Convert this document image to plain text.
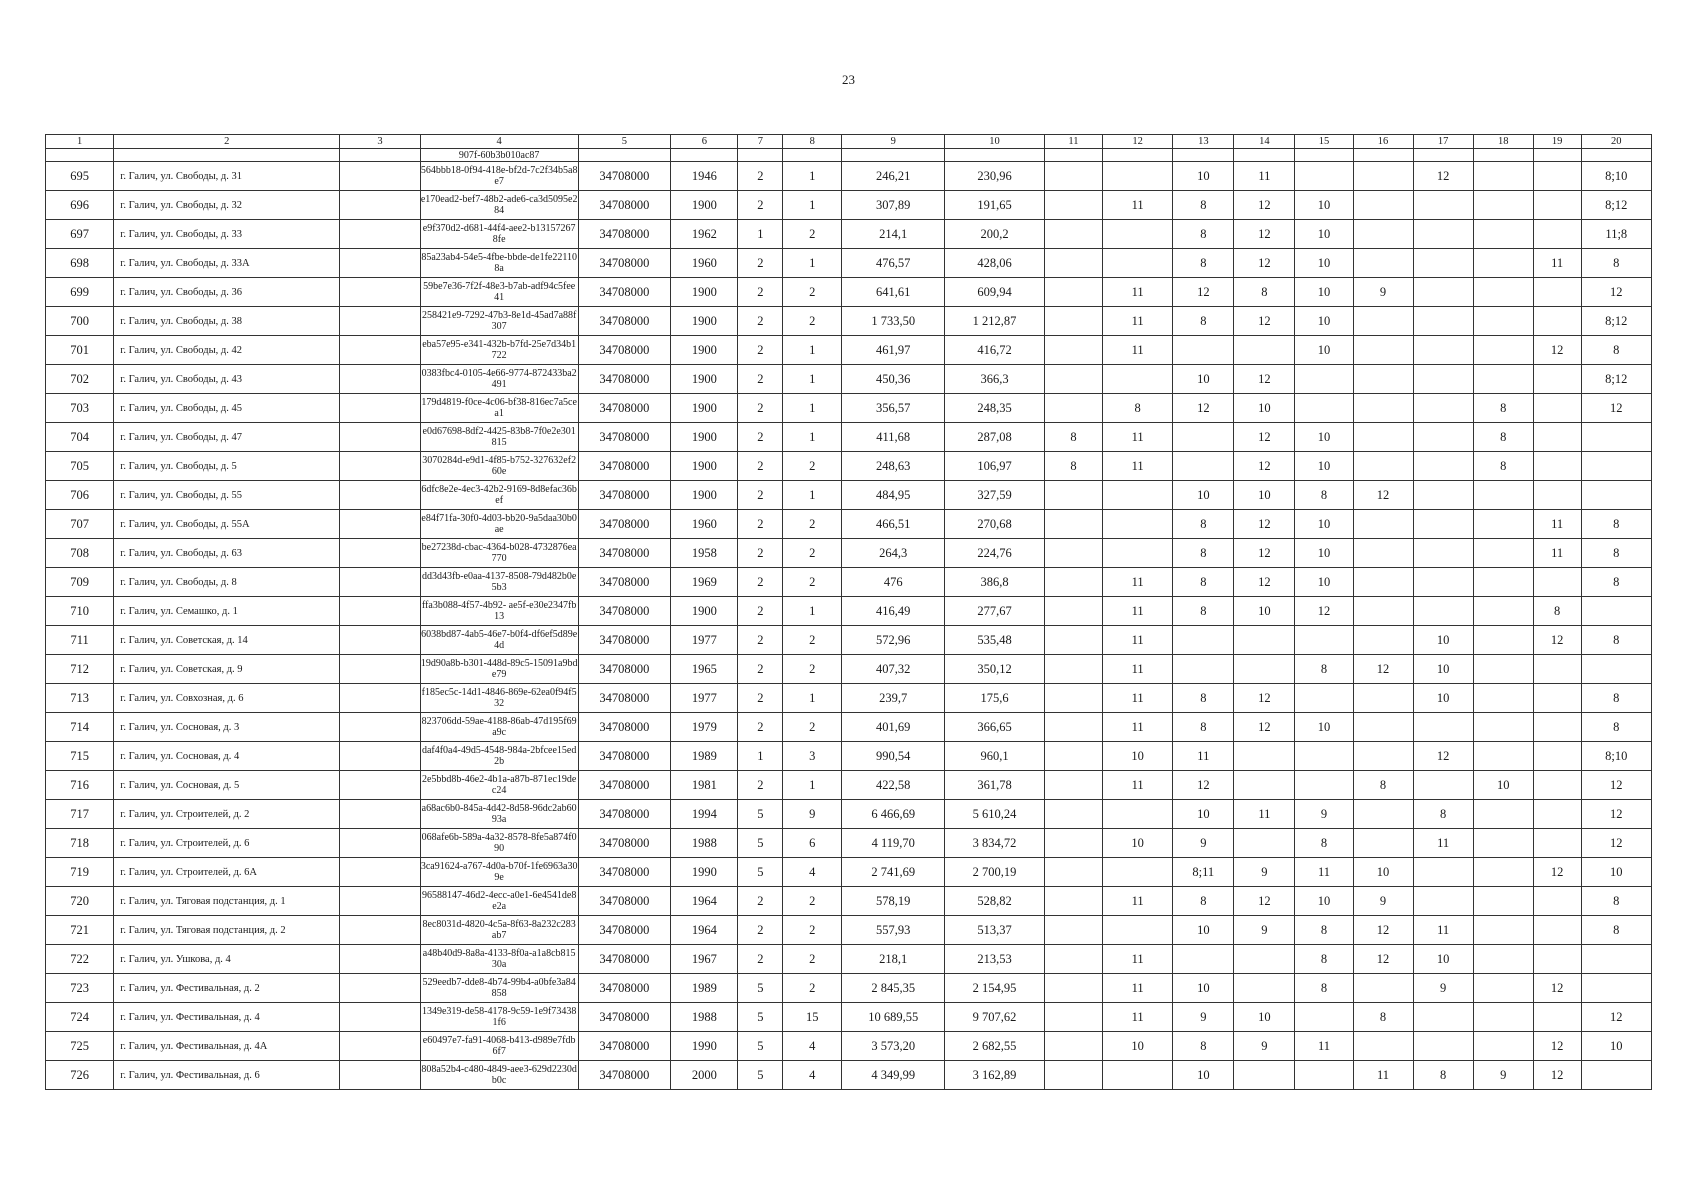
23
1	2	3	4	5	6	7	8	9	10	11	12	13	14	15	16	17	18	19	20
			907f-60b3b010ac87																
695	г. Галич, ул. Свободы, д. 31		564bbb18-0f94-418e-bf2d-7c2f34b5a8e7	34708000	1946	2	1	246,21	230,96			10	11			12			8;10
696	г. Галич, ул. Свободы, д. 32		e170ead2-bef7-48b2-ade6-ca3d5095e284	34708000	1900	2	1	307,89	191,65		11	8	12	10					8;12
697	г. Галич, ул. Свободы, д. 33		e9f370d2-d681-44f4-aee2-b131572678fe	34708000	1962	1	2	214,1	200,2			8	12	10					11;8
698	г. Галич, ул. Свободы, д. 33А		85a23ab4-54e5-4fbe-bbde-de1fe221108a	34708000	1960	2	1	476,57	428,06			8	12	10				11	8
699	г. Галич, ул. Свободы, д. 36		59be7e36-7f2f-48e3-b7ab-adf94c5fee41	34708000	1900	2	2	641,61	609,94		11	12	8	10	9				12
700	г. Галич, ул. Свободы, д. 38		258421e9-7292-47b3-8e1d-45ad7a88f307	34708000	1900	2	2	1 733,50	1 212,87		11	8	12	10					8;12
701	г. Галич, ул. Свободы, д. 42		eba57e95-e341-432b-b7fd-25e7d34b1722	34708000	1900	2	1	461,97	416,72		11			10				12	8
702	г. Галич, ул. Свободы, д. 43		0383fbc4-0105-4e66-9774-872433ba2491	34708000	1900	2	1	450,36	366,3			10	12						8;12
703	г. Галич, ул. Свободы, д. 45		179d4819-f0ce-4c06-bf38-816ec7a5cea1	34708000	1900	2	1	356,57	248,35		8	12	10				8		12
704	г. Галич, ул. Свободы, д. 47		e0d67698-8df2-4425-83b8-7f0e2e301815	34708000	1900	2	1	411,68	287,08	8	11		12	10			8		
705	г. Галич, ул. Свободы, д. 5		3070284d-e9d1-4f85-b752-327632ef260e	34708000	1900	2	2	248,63	106,97	8	11		12	10			8		
706	г. Галич, ул. Свободы, д. 55		6dfc8e2e-4ec3-42b2-9169-8d8efac36bef	34708000	1900	2	1	484,95	327,59			10	10	8	12				
707	г. Галич, ул. Свободы, д. 55А		e84f71fa-30f0-4d03-bb20-9a5daa30b0ae	34708000	1960	2	2	466,51	270,68			8	12	10				11	8
708	г. Галич, ул. Свободы, д. 63		be27238d-cbac-4364-b028-4732876ea770	34708000	1958	2	2	264,3	224,76			8	12	10				11	8
709	г. Галич, ул. Свободы, д. 8		dd3d43fb-e0aa-4137-8508-79d482b0e5b3	34708000	1969	2	2	476	386,8		11	8	12	10					8
710	г. Галич, ул. Семашко, д. 1		ffa3b088-4f57-4b92- ae5f-e30e2347fb13	34708000	1900	2	1	416,49	277,67		11	8	10	12				8	
711	г. Галич, ул. Советская, д. 14		6038bd87-4ab5-46e7-b0f4-df6ef5d89e4d	34708000	1977	2	2	572,96	535,48		11					10		12	8
712	г. Галич, ул. Советская, д. 9		19d90a8b-b301-448d-89c5-15091a9bde79	34708000	1965	2	2	407,32	350,12		11			8	12	10			
713	г. Галич, ул. Совхозная, д. 6		f185ec5c-14d1-4846-869e-62ea0f94f532	34708000	1977	2	1	239,7	175,6		11	8	12			10			8
714	г. Галич, ул. Сосновая, д. 3		823706dd-59ae-4188-86ab-47d195f69a9c	34708000	1979	2	2	401,69	366,65		11	8	12	10					8
715	г. Галич, ул. Сосновая, д. 4		daf4f0a4-49d5-4548-984a-2bfcee15ed2b	34708000	1989	1	3	990,54	960,1		10	11				12			8;10
716	г. Галич, ул. Сосновая, д. 5		2e5bbd8b-46e2-4b1a-a87b-871ec19dec24	34708000	1981	2	1	422,58	361,78		11	12			8		10		12
717	г. Галич, ул. Строителей, д. 2		a68ac6b0-845a-4d42-8d58-96dc2ab6093a	34708000	1994	5	9	6 466,69	5 610,24			10	11	9		8			12
718	г. Галич, ул. Строителей, д. 6		068afe6b-589a-4a32-8578-8fe5a874f090	34708000	1988	5	6	4 119,70	3 834,72		10	9		8		11			12
719	г. Галич, ул. Строителей, д. 6А		3ca91624-a767-4d0a-b70f-1fe6963a309e	34708000	1990	5	4	2 741,69	2 700,19			8;11	9	11	10			12	10
720	г. Галич, ул. Тяговая подстанция, д. 1		96588147-46d2-4ecc-a0e1-6e4541de8e2a	34708000	1964	2	2	578,19	528,82		11	8	12	10	9				8
721	г. Галич, ул. Тяговая подстанция, д. 2		8ec8031d-4820-4c5a-8f63-8a232c283ab7	34708000	1964	2	2	557,93	513,37			10	9	8	12	11			8
722	г. Галич, ул. Ушкова, д. 4		a48b40d9-8a8a-4133-8f0a-a1a8cb81530a	34708000	1967	2	2	218,1	213,53		11			8	12	10			
723	г. Галич, ул. Фестивальная, д. 2		529eedb7-dde8-4b74-99b4-a0bfe3a84858	34708000	1989	5	2	2 845,35	2 154,95		11	10		8		9		12	
724	г. Галич, ул. Фестивальная, д. 4		1349e319-de58-4178-9c59-1e9f734381f6	34708000	1988	5	15	10 689,55	9 707,62		11	9	10		8				12
725	г. Галич, ул. Фестивальная, д. 4А		e60497e7-fa91-4068-b413-d989e7fdb6f7	34708000	1990	5	4	3 573,20	2 682,55		10	8	9	11				12	10
726	г. Галич, ул. Фестивальная, д. 6		808a52b4-c480-4849-aee3-629d2230db0c	34708000	2000	5	4	4 349,99	3 162,89			10			11	8	9	12	
